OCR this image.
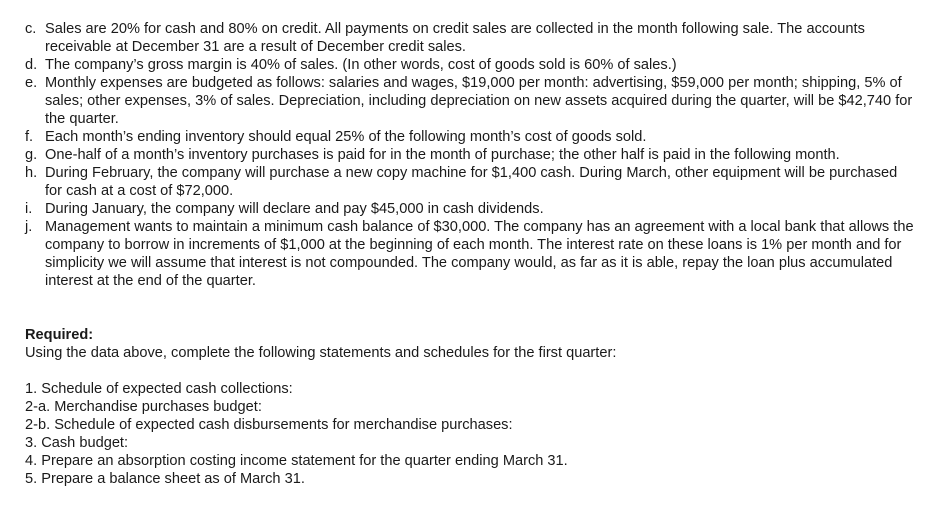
c. Sales are 20% for cash and 80% on credit. All payments on credit sales are collected in the month following sale. The accounts receivable at December 31 are a result of December credit sales.
d. The company’s gross margin is 40% of sales. (In other words, cost of goods sold is 60% of sales.)
e. Monthly expenses are budgeted as follows: salaries and wages, $19,000 per month: advertising, $59,000 per month; shipping, 5% of sales; other expenses, 3% of sales. Depreciation, including depreciation on new assets acquired during the quarter, will be $42,740 for the quarter.
f. Each month’s ending inventory should equal 25% of the following month’s cost of goods sold.
g. One-half of a month’s inventory purchases is paid for in the month of purchase; the other half is paid in the following month.
h. During February, the company will purchase a new copy machine for $1,400 cash. During March, other equipment will be purchased for cash at a cost of $72,000.
i. During January, the company will declare and pay $45,000 in cash dividends.
j. Management wants to maintain a minimum cash balance of $30,000. The company has an agreement with a local bank that allows the company to borrow in increments of $1,000 at the beginning of each month. The interest rate on these loans is 1% per month and for simplicity we will assume that interest is not compounded. The company would, as far as it is able, repay the loan plus accumulated interest at the end of the quarter.
Required:
Using the data above, complete the following statements and schedules for the first quarter:
1. Schedule of expected cash collections:
2-a. Merchandise purchases budget:
2-b. Schedule of expected cash disbursements for merchandise purchases:
3. Cash budget:
4. Prepare an absorption costing income statement for the quarter ending March 31.
5. Prepare a balance sheet as of March 31.
